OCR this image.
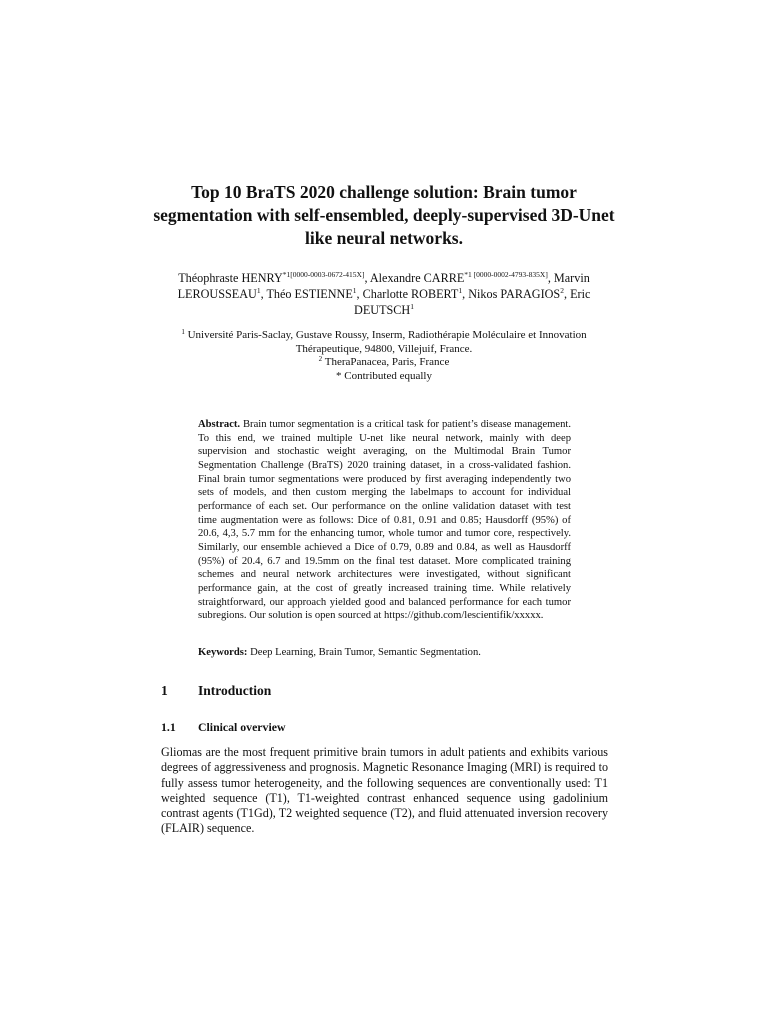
Top 10 BraTS 2020 challenge solution: Brain tumor segmentation with self-ensembled, deeply-supervised 3D-Unet like neural networks.
Théophraste $HENRY^{*1[0000-0003-0672-415X]}$, Alexandre $CARRE^{*1 [0000-0002-4793-835X]}$, Marvin LEROUSSEAU$^1$, Théo ESTIENNE$^1$, Charlotte ROBERT$^1$, Nikos PARAGIOS$^2$, Eric DEUTSCH$^1$
$^1$ Université Paris-Saclay, Gustave Roussy, Inserm, Radiothérapie Moléculaire et Innovation Thérapeutique, 94800, Villejuif, France.
$^2$ TheraPanacea, Paris, France
* Contributed equally
Abstract. Brain tumor segmentation is a critical task for patient’s disease management. To this end, we trained multiple U-net like neural network, mainly with deep supervision and stochastic weight averaging, on the Multimodal Brain Tumor Segmentation Challenge (BraTS) 2020 training dataset, in a cross-validated fashion. Final brain tumor segmentations were produced by first averaging independently two sets of models, and then custom merging the labelmaps to account for individual performance of each set. Our performance on the online validation dataset with test time augmentation were as follows: Dice of 0.81, 0.91 and 0.85; Hausdorff (95%) of 20.6, 4,3, 5.7 mm for the enhancing tumor, whole tumor and tumor core, respectively. Similarly, our ensemble achieved a Dice of 0.79, 0.89 and 0.84, as well as Hausdorff (95%) of 20.4, 6.7 and 19.5mm on the final test dataset. More complicated training schemes and neural network architectures were investigated, without significant performance gain, at the cost of greatly increased training time. While relatively straightforward, our approach yielded good and balanced performance for each tumor subregions. Our solution is open sourced at https://github.com/lescientifik/xxxxx.
Keywords: Deep Learning, Brain Tumor, Semantic Segmentation.
1 Introduction
1.1 Clinical overview
Gliomas are the most frequent primitive brain tumors in adult patients and exhibits various degrees of aggressiveness and prognosis. Magnetic Resonance Imaging (MRI) is required to fully assess tumor heterogeneity, and the following sequences are conventionally used: T1 weighted sequence (T1), T1-weighted contrast enhanced sequence using gadolinium contrast agents (T1Gd), T2 weighted sequence (T2), and fluid attenuated inversion recovery (FLAIR) sequence.
